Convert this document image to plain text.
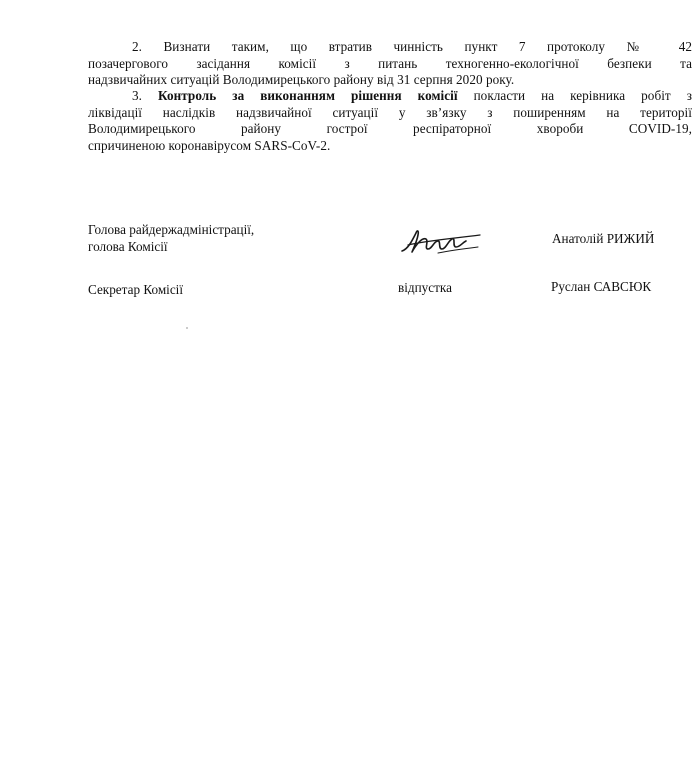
2. Визнати таким, що втратив чинність пункт 7 протоколу № 42
позачергового засідання комісії з питань техногенно-екологічної безпеки та
надзвичайних ситуацій Володимирецького району від 31 серпня 2020 року.
3. Контроль за виконанням рішення комісії покласти на керівника робіт з
ліквідації наслідків надзвичайної ситуації у зв’язку з поширенням на території
Володимирецького району гострої респіраторної хвороби COVID-19,
спричиненою коронавірусом SARS-CoV-2.
Голова райдержадміністрації,
голова Комісії	Анатолій РИЖИЙ
Секретар Комісії	відпустка	Руслан САВСЮК
